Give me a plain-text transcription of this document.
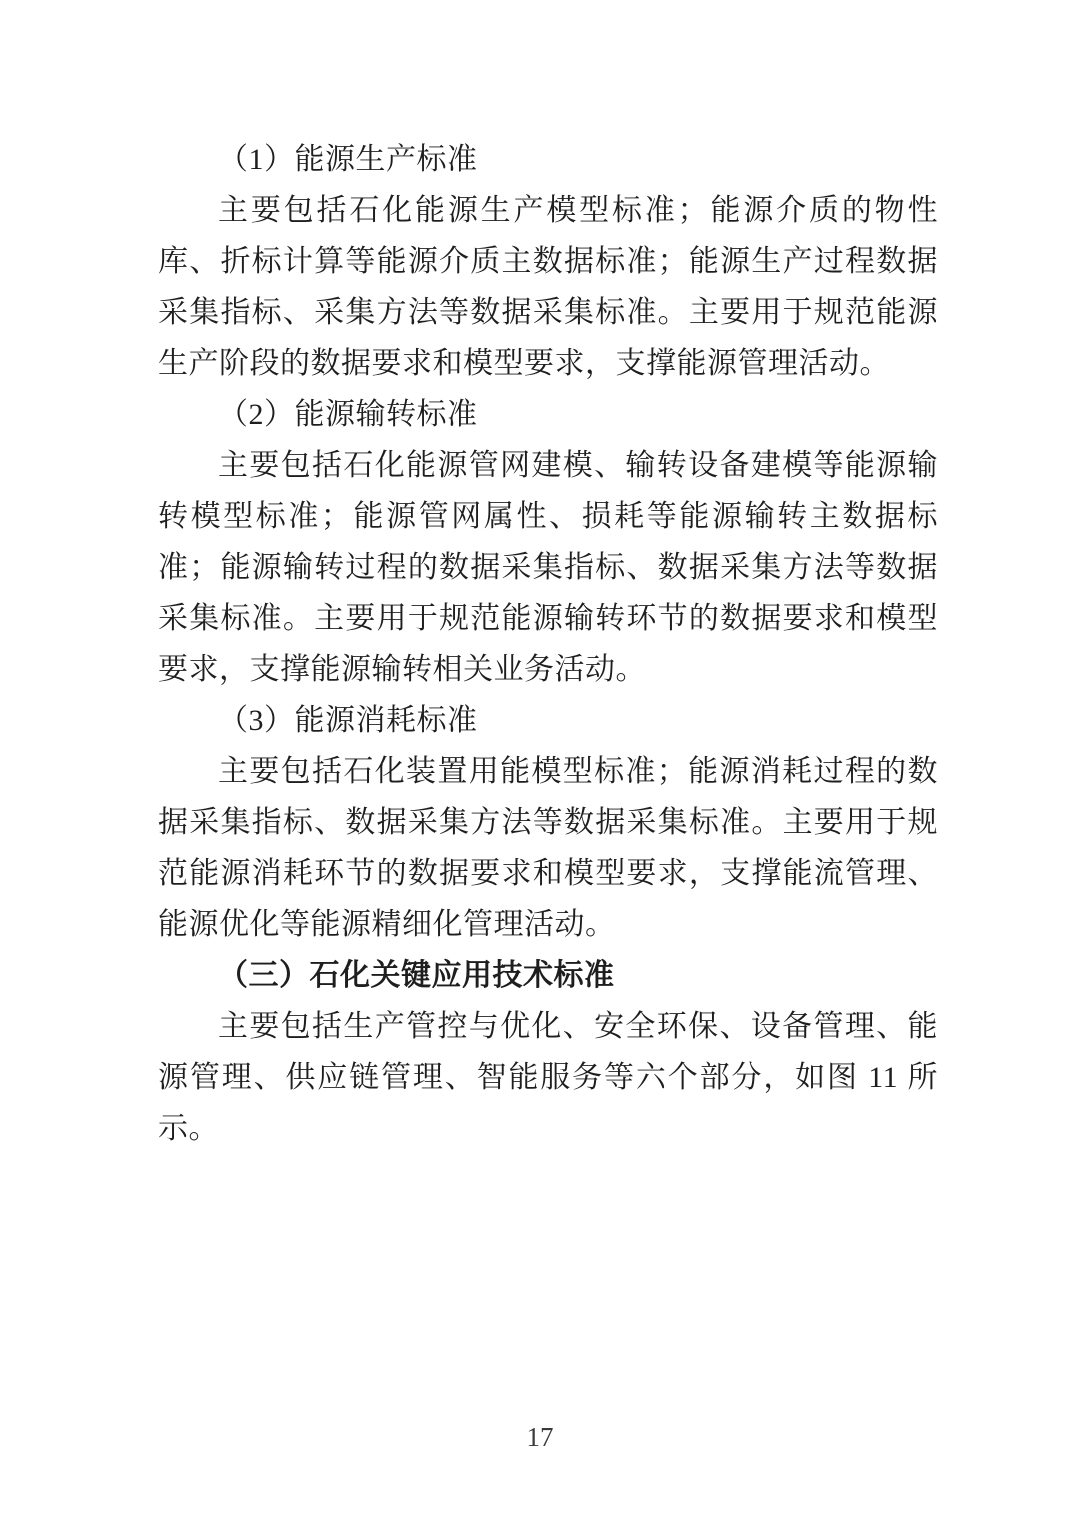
（1）能源生产标准

主要包括石化能源生产模型标准；能源介质的物性库、折标计算等能源介质主数据标准；能源生产过程数据采集指标、采集方法等数据采集标准。主要用于规范能源生产阶段的数据要求和模型要求，支撑能源管理活动。

（2）能源输转标准

主要包括石化能源管网建模、输转设备建模等能源输转模型标准；能源管网属性、损耗等能源输转主数据标准；能源输转过程的数据采集指标、数据采集方法等数据采集标准。主要用于规范能源输转环节的数据要求和模型要求，支撑能源输转相关业务活动。

（3）能源消耗标准

主要包括石化装置用能模型标准；能源消耗过程的数据采集指标、数据采集方法等数据采集标准。主要用于规范能源消耗环节的数据要求和模型要求，支撑能流管理、能源优化等能源精细化管理活动。

（三）石化关键应用技术标准

主要包括生产管控与优化、安全环保、设备管理、能源管理、供应链管理、智能服务等六个部分，如图 11 所示。

17
